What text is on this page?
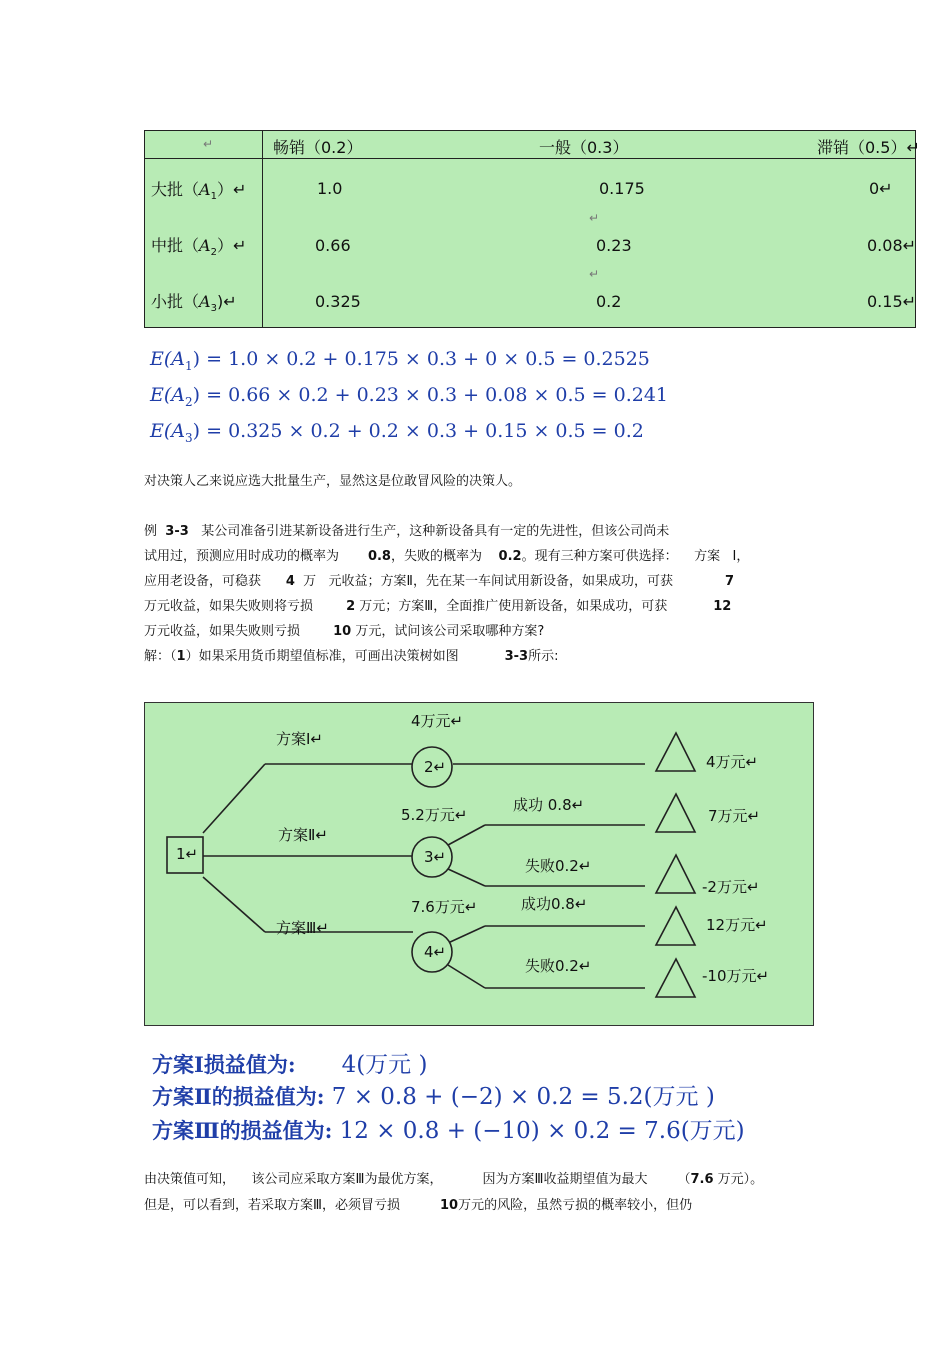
↵	畅销（0.2）	一般（0.3）	滞销（0.5）↵
大批$(A_1)↵$	1.0	0.175	0↵
↵
中批$(A_2)↵$	0.66	0.23	0.08↵
↵
小批$(A_3)↵$	0.325	0.2	0.15↵
$E(A_1) = 1.0 \times 0.2 + 0.175 \times 0.3 + 0 \times 0.5 = 0.2525$
$E(A_2) = 0.66 \times 0.2 + 0.23 \times 0.3 + 0.08 \times 0.5 = 0.241$
$E(A_3) = 0.325 \times 0.2 + 0.2 \times 0.3 + 0.15 \times 0.5 = 0.2$
对决策人乙来说应选大批量生产，显然这是位敢冒风险的决策人。
例 3-3 某公司准备引进某新设备进行生产，这种新设备具有一定的先进性，但该公司尚未
试用过，预测应用时成功的概率为 0.8，失败的概率为 0.2。现有三种方案可供选择： 方案 Ⅰ，
应用老设备，可稳获 4 万 元收益；方案Ⅱ，先在某一车间试用新设备，如果成功，可获	7
万元收益，如果失败则将亏损	2 万元；方案Ⅲ，全面推广使用新设备，如果成功，可获	12
万元收益，如果失败则亏损	10 万元，试问该公司采取哪种方案?
解：（1）如果采用货币期望值标准，可画出决策树如图	3-3所示:
1↵
方案Ⅰ↵
方案Ⅱ↵
方案Ⅲ↵
2↵
3↵
4↵
4万元↵
5.2万元↵
7.6万元↵
成功 0.8↵
失败0.2↵
成功0.8↵
失败0.2↵
4万元↵
7万元↵
-2万元↵
12万元↵
-10万元↵
方案Ⅰ损益值为: 4(万元 )
方案Ⅱ的损益值为: 7 × 0.8 + (−2) × 0.2 = 5.2(万元 )
方案Ⅲ的损益值为: 12 × 0.8 + (−10) × 0.2 = 7.6(万元)
由决策值可知， 该公司应采取方案Ⅲ为最优方案，	因为方案Ⅲ收益期望值为最大 （7.6 万元）。
但是，可以看到，若采取方案Ⅲ，必须冒亏损	10万元的风险，虽然亏损的概率较小，但仍
